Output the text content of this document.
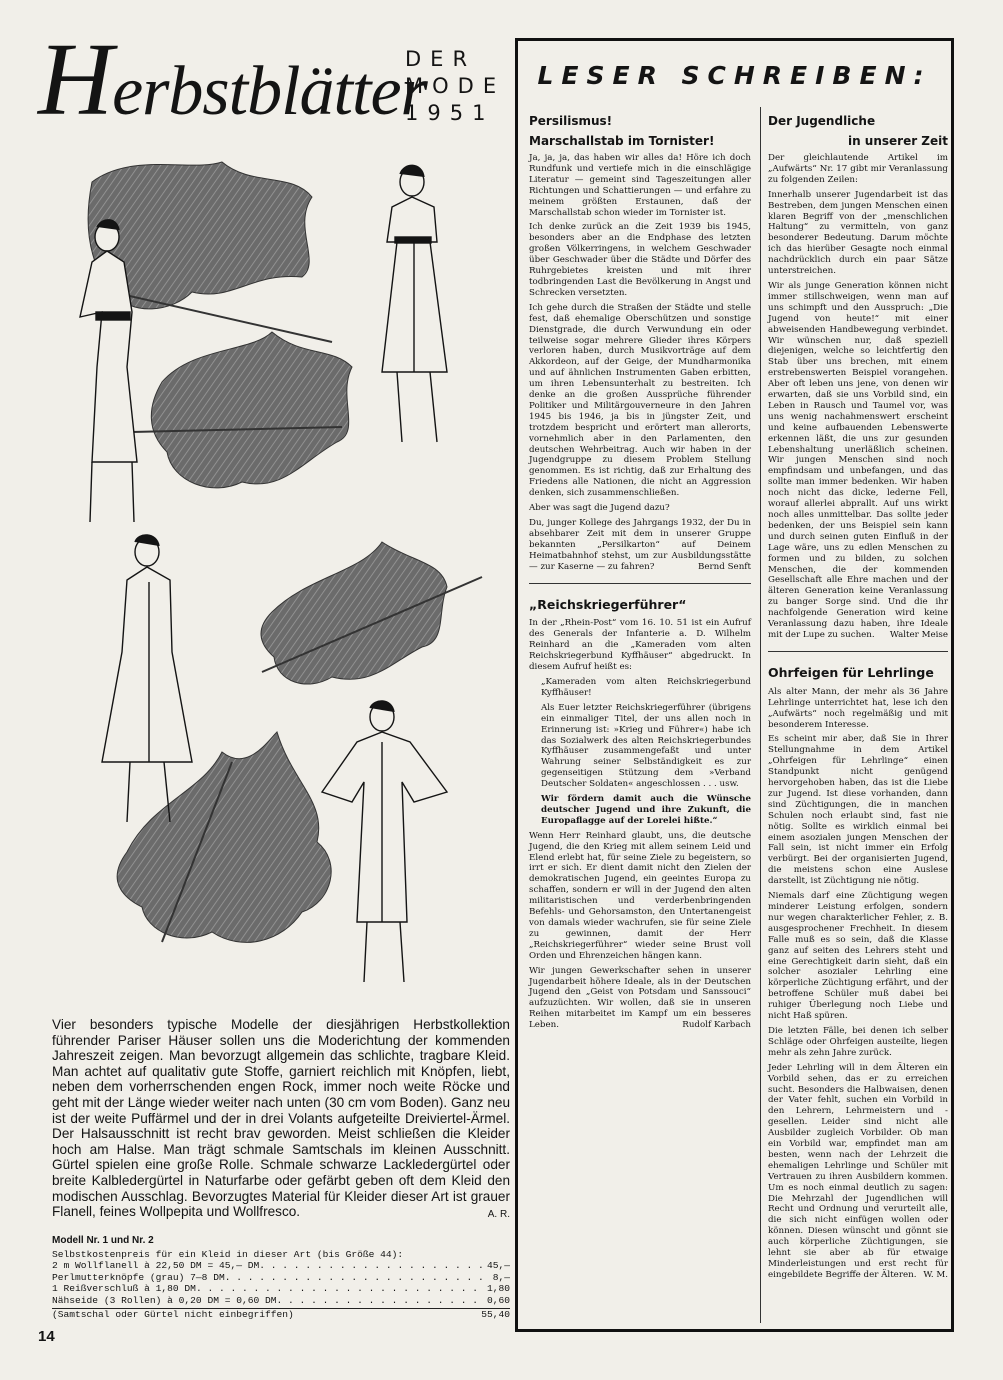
Herbstblätter
DER
MODE
1951
Vier besonders typische Modelle der diesjährigen Herbstkollektion führender Pariser Häuser sollen uns die Moderichtung der kommenden Jahreszeit zeigen. Man bevorzugt allgemein das schlichte, tragbare Kleid. Man achtet auf qualitativ gute Stoffe, garniert reichlich mit Knöpfen, liebt, neben dem vorherrschenden engen Rock, immer noch weite Röcke und geht mit der Länge wieder weiter nach unten (30 cm vom Boden). Ganz neu ist der weite Puffärmel und der in drei Volants aufgeteilte Dreiviertel-Ärmel. Der Halsausschnitt ist recht brav geworden. Meist schließen die Kleider hoch am Halse. Man trägt schmale Samtschals im kleinen Ausschnitt. Gürtel spielen eine große Rolle. Schmale schwarze Lackledergürtel oder breite Kalbledergürtel in Naturfarbe oder gefärbt geben oft dem Kleid den modischen Ausschlag. Bevorzugtes Material für Kleider dieser Art ist grauer Flanell, feines Wollpepita und Wollfresco.	A. R.
Modell Nr. 1 und Nr. 2
Selbstkostenpreis für ein Kleid in dieser Art (bis Größe 44):
2 m Wollflanell à 22,50 DM = 45,— DM . . .	45,—
Perlmutterknöpfe (grau) 7—8 DM . . .	8,—
1 Reißverschluß à 1,80 DM . . .	1,80
Nähseide (3 Rollen) à 0,20 DM = 0,60 DM . . .	0,60
(Samtschal oder Gürtel nicht einbegriffen)	55,40
14
LESER SCHREIBEN:
Persilismus!
Marschallstab im Tornister!

Ja, ja, ja, das haben wir alles da! Höre ich doch Rundfunk und vertiefe mich in die einschlägige Literatur — gemeint sind Tageszeitungen aller Richtungen und Schattierungen — und erfahre zu meinem größten Erstaunen, daß der Marschallstab schon wieder im Tornister ist.

Ich denke zurück an die Zeit 1939 bis 1945, besonders aber an die Endphase des letzten großen Völkerringens, in welchem Geschwader über Geschwader über die Städte und Dörfer des Ruhrgebietes kreisten und mit ihrer todbringenden Last die Bevölkerung in Angst und Schrecken versetzten.

Ich gehe durch die Straßen der Städte und stelle fest, daß ehemalige Oberschützen und sonstige Dienstgrade, die durch Verwundung ein oder teilweise sogar mehrere Glieder ihres Körpers verloren haben, durch Musikvorträge auf dem Akkordeon, auf der Geige, der Mundharmonika und auf ähnlichen Instrumenten Gaben erbitten, um ihren Lebensunterhalt zu bestreiten. Ich denke an die großen Aussprüche führender Politiker und Militärgouverneure in den Jahren 1945 bis 1946, ja bis in jüngster Zeit, und trotzdem bespricht und erörtert man allerorts, vornehmlich aber in den Parlamenten, den deutschen Wehrbeitrag. Auch wir haben in der Jugendgruppe zu diesem Problem Stellung genommen. Es ist richtig, daß zur Erhaltung des Friedens alle Nationen, die nicht an Aggression denken, sich zusammenschließen.

Aber was sagt die Jugend dazu?

Du, junger Kollege des Jahrgangs 1932, der Du in absehbarer Zeit mit dem in unserer Gruppe bekannten „Persilkarton“ auf Deinem Heimatbahnhof stehst, um zur Ausbildungsstätte — zur Kaserne — zu fahren?	Bernd Senft

„Reichskriegerführer“

In der „Rhein-Post“ vom 16. 10. 51 ist ein Aufruf des Generals der Infanterie a. D. Wilhelm Reinhard an die „Kameraden vom alten Reichskriegerbund Kyffhäuser“ abgedruckt. In diesem Aufruf heißt es:

„Kameraden vom alten Reichskriegerbund Kyffhäuser!

Als Euer letzter Reichskriegerführer (übrigens ein einmaliger Titel, der uns allen noch in Erinnerung ist: »Krieg und Führer«) habe ich das Sozialwerk des alten Reichskriegerbundes Kyffhäuser zusammengefaßt und unter Wahrung seiner Selbständigkeit es zur gegenseitigen Stützung dem »Verband Deutscher Soldaten« angeschlossen . . . usw.

Wir fördern damit auch die Wünsche deutscher Jugend und ihre Zukunft, die Europaflagge auf der Lorelei hißte.“

Wenn Herr Reinhard glaubt, uns, die deutsche Jugend, die den Krieg mit allem seinem Leid und Elend erlebt hat, für seine Ziele zu begeistern, so irrt er sich. Er dient damit nicht den Zielen der demokratischen Jugend, ein geeintes Europa zu schaffen, sondern er will in der Jugend den alten militaristischen und verderbenbringenden Befehls- und Gehorsamston, den Untertanengeist von damals wieder wachrufen, sie für seine Ziele zu gewinnen, damit der Herr „Reichskriegerführer“ wieder seine Brust voll Orden und Ehrenzeichen hängen kann.

Wir jungen Gewerkschafter sehen in unserer Jugendarbeit höhere Ideale, als in der Deutschen Jugend den „Geist von Potsdam und Sanssouci“ aufzuzüchten. Wir wollen, daß sie in unseren Reihen mitarbeitet im Kampf um ein besseres Leben.	Rudolf Karbach

Der Jugendliche
in unserer Zeit

Der gleichlautende Artikel im „Aufwärts“ Nr. 17 gibt mir Veranlassung zu folgenden Zeilen:

Innerhalb unserer Jugendarbeit ist das Bestreben, dem jungen Menschen einen klaren Begriff von der „menschlichen Haltung“ zu vermitteln, von ganz besonderer Bedeutung. Darum möchte ich das hierüber Gesagte noch einmal nachdrücklich durch ein paar Sätze unterstreichen.

Wir als junge Generation können nicht immer stillschweigen, wenn man auf uns schimpft und den Ausspruch: „Die Jugend von heute!“ mit einer abweisenden Handbewegung verbindet. Wir wünschen nur, daß speziell diejenigen, welche so leichtfertig den Stab über uns brechen, mit einem erstrebenswerten Beispiel vorangehen. Aber oft leben uns jene, von denen wir erwarten, daß sie uns Vorbild sind, ein Leben in Rausch und Taumel vor, was uns wenig nachahmenswert erscheint und keine aufbauenden Lebenswerte erkennen läßt, die uns zur gesunden Lebenshaltung unerläßlich scheinen. Wir jungen Menschen sind noch empfindsam und unbefangen, und das sollte man immer bedenken. Wir haben noch nicht das dicke, lederne Fell, worauf allerlei abprallt. Auf uns wirkt noch alles unmittelbar. Das sollte jeder bedenken, der uns Beispiel sein kann und durch seinen guten Einfluß in der Lage wäre, uns zu edlen Menschen zu formen und zu bilden, zu solchen Menschen, die der kommenden Gesellschaft alle Ehre machen und der älteren Generation keine Veranlassung zu banger Sorge sind. Und die ihr nachfolgende Generation wird keine Veranlassung dazu haben, ihre Ideale mit der Lupe zu suchen. Walter Meise

Ohrfeigen für Lehrlinge

Als alter Mann, der mehr als 36 Jahre Lehrlinge unterrichtet hat, lese ich den „Aufwärts“ noch regelmäßig und mit besonderem Interesse.

Es scheint mir aber, daß Sie in Ihrer Stellungnahme in dem Artikel „Ohrfeigen für Lehrlinge“ einen Standpunkt nicht genügend hervorgehoben haben, das ist die Liebe zur Jugend. Ist diese vorhanden, dann sind Züchtigungen, die in manchen Schulen noch erlaubt sind, fast nie nötig. Sollte es wirklich einmal bei einem asozialen jungen Menschen der Fall sein, ist nicht immer ein Erfolg verbürgt. Bei der organisierten Jugend, die meistens schon eine Auslese darstellt, ist Züchtigung nie nötig.

Niemals darf eine Züchtigung wegen minderer Leistung erfolgen, sondern nur wegen charakterlicher Fehler, z. B. ausgesprochener Frechheit. In diesem Falle muß es so sein, daß die Klasse ganz auf seiten des Lehrers steht und eine Gerechtigkeit darin sieht, daß ein solcher asozialer Lehrling eine körperliche Züchtigung erfährt, und der betroffene Schüler muß dabei bei ruhiger Überlegung noch Liebe und nicht Haß spüren.

Die letzten Fälle, bei denen ich selber Schläge oder Ohrfeigen austeilte, liegen mehr als zehn Jahre zurück.

Jeder Lehrling will in dem Älteren ein Vorbild sehen, das er zu erreichen sucht. Besonders die Halbwaisen, denen der Vater fehlt, suchen ein Vorbild in den Lehrern, Lehrmeistern und -gesellen. Leider sind nicht alle Ausbilder zugleich Vorbilder. Ob man ein Vorbild war, empfindet man am besten, wenn nach der Lehrzeit die ehemaligen Lehrlinge und Schüler mit Vertrauen zu ihren Ausbildern kommen. Um es noch einmal deutlich zu sagen: Die Mehrzahl der Jugendlichen will Recht und Ordnung und verurteilt alle, die sich nicht einfügen wollen oder können. Diesen wünscht und gönnt sie auch körperliche Züchtigungen, sie lehnt sie aber ab für etwaige Minderleistungen und erst recht für eingebildete Begriffe der Älteren. W. M.
